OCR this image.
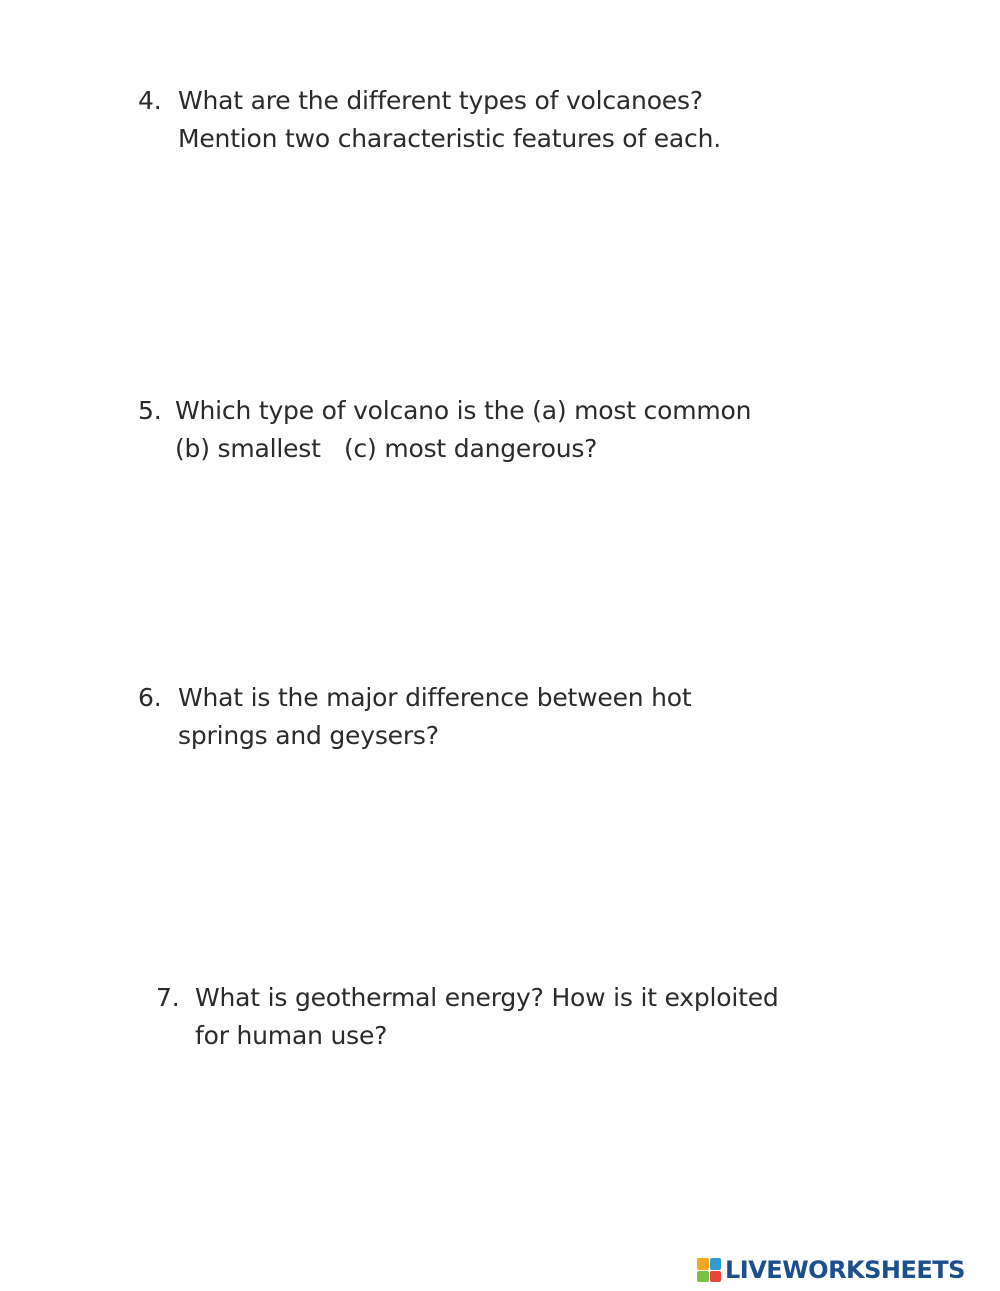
4. What are the different types of volcanoes?
Mention two characteristic features of each.
5. Which type of volcano is the (a) most common
(b) smallest   (c) most dangerous?
6. What is the major difference between hot
springs and geysers?
7. What is geothermal energy? How is it exploited
for human use?
LIVEWORKSHEETS
